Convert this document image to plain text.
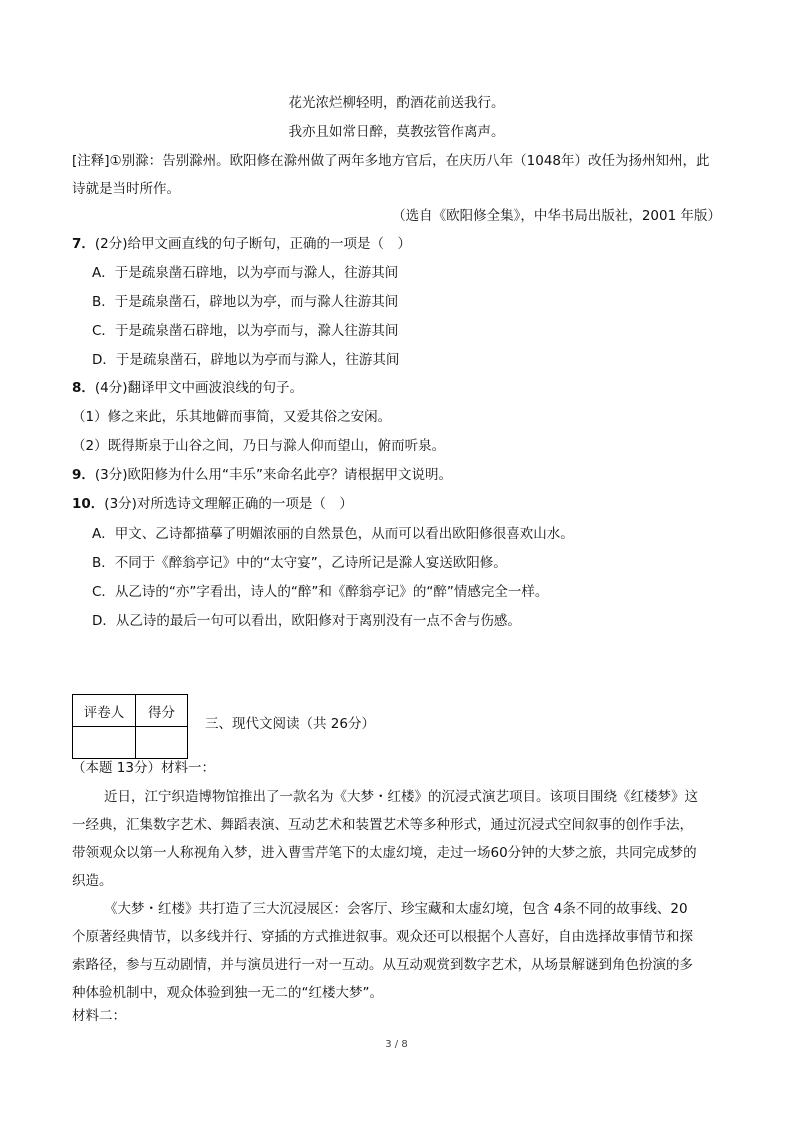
花光浓烂柳轻明，酌酒花前送我行。
我亦且如常日醉，莫教弦管作离声。
[注释]①别滁：告别滁州。欧阳修在滁州做了两年多地方官后，在庆历八年（1048年）改任为扬州知州，此
诗就是当时所作。
（选自《欧阳修全集》，中华书局出版社，2001 年版）
7．(2分)给甲文画直线的句子断句，正确的一项是（　）
A．于是疏泉凿石辟地，以为亭而与滁人，往游其间
B．于是疏泉凿石，辟地以为亭，而与滁人往游其间
C．于是疏泉凿石辟地，以为亭而与，滁人往游其间
D．于是疏泉凿石，辟地以为亭而与滁人，往游其间
8．(4分)翻译甲文中画波浪线的句子。
（1）修之来此，乐其地僻而事简，又爱其俗之安闲。
（2）既得斯泉于山谷之间，乃日与滁人仰而望山，俯而听泉。
9．(3分)欧阳修为什么用“丰乐”来命名此亭？请根据甲文说明。
10．(3分)对所选诗文理解正确的一项是（　）
A．甲文、乙诗都描摹了明媚浓丽的自然景色，从而可以看出欧阳修很喜欢山水。
B．不同于《醉翁亭记》中的“太守宴”，乙诗所记是滁人宴送欧阳修。
C．从乙诗的“亦”字看出，诗人的“醉”和《醉翁亭记》的“醉”情感完全一样。
D．从乙诗的最后一句可以看出，欧阳修对于离别没有一点不舍与伤感。
评卷人	得分

三、现代文阅读（共 26分）
（本题 13分）材料一：
近日，江宁织造博物馆推出了一款名为《大梦・红楼》的沉浸式演艺项目。该项目围绕《红楼梦》这
一经典，汇集数字艺术、舞蹈表演、互动艺术和装置艺术等多种形式，通过沉浸式空间叙事的创作手法，
带领观众以第一人称视角入梦，进入曹雪芹笔下的太虚幻境，走过一场60分钟的大梦之旅，共同完成梦的
织造。
《大梦・红楼》共打造了三大沉浸展区：会客厅、珍宝藏和太虚幻境，包含 4条不同的故事线、20
个原著经典情节，以多线并行、穿插的方式推进叙事。观众还可以根据个人喜好，自由选择故事情节和探
索路径，参与互动剧情，并与演员进行一对一互动。从互动观赏到数字艺术，从场景解谜到角色扮演的多
种体验机制中，观众体验到独一无二的“红楼大梦”。
材料二：
3 / 8
